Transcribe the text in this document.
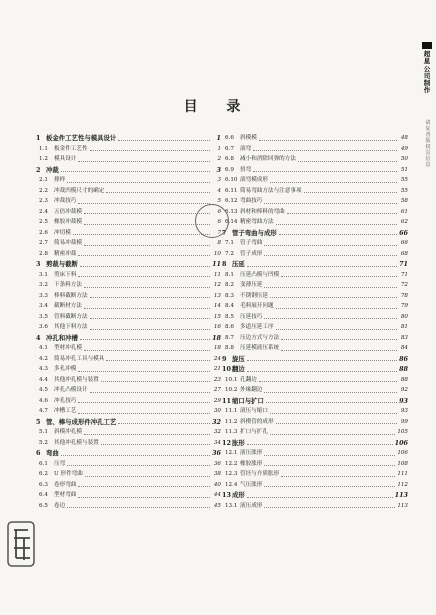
目 录
1 板金件工艺性与模具设计	1
1.1	板金件工艺性	1
1.2	模具设计	2
2 冲裁	3
2.1	排样	3
2.2	冲裁凹模尺寸的确定	4
2.3	冲裁技巧	5
2.4	五倍冲裁模	6
2.5	橡胶冲裁模	6
2.6	冲切模	7
2.7	简易冲裁模	8
2.8	精密冲裁	10
3 剪裁与截断	11
3.1	剪床下料	11
3.2	下条料方法	12
3.3	棒料截断方法	13
3.4	截断材方法	14
3.5	管料截断方法	15
3.6	其他下料方法	16
4 冲孔和冲槽	18
4.1	型材冲孔模	18
4.2	简易冲孔工具与模具	24
4.3	多孔冲模	21
4.4	其他冲孔模与装置	23
4.5	冲孔凸模设计	27
4.6	冲孔技巧	29
4.7	冲槽工艺	30
5 管、棒与成形件冲孔工艺	32
5.1	斜模冲孔模	32
5.2	其他冲孔模与装置	34
6 弯曲	36
6.1	压弯	36
6.2	U 形件弯曲	38
6.3	卷形弯曲	40
6.4	型材弯曲	44
6.5	卷边	45
6.6	斜模模	48
6.7	滚弯	49
6.8	减小和消除回弹的方法	50
6.9	扭弯	51
6.10 滚弯模成形	55
6.11 简易弯曲方法与注意事项	55
6.12 弯曲技巧	58
6.13 斜材和棒料的弯曲	61
6.14 精密弯曲方法	62
7 管子弯曲与成形	66
7.1	管子弯曲	66
7.2	管子成形	68
8 压延	71
8.1	压延凸模与凹模	71
8.2	变薄压延	72
8.3	不锈钢压延	78
8.4	毛料展开问题	79
8.5	压延技巧	80
8.6	多道压延工序	81
8.7	压边方式与方法	83
8.8	压延模液压系统	84
9 旋压	86
10 翻边	88
10.1 孔翻边	88
10.2 外缘翻边	92
11 缩口与扩口	93
11.1 滚压与缩口	93
11.2 斜楔管的成形	99
11.3 扩口与扩孔	105
12 胀形	106
12.1 液压胀形	106
12.2 橡胶胀形	108
12.3 管坯与介质胀形	111
12.4 气压胀形	112
13 成形	113
13.1 液压成形	113
超
星
公
司
制
作
请
复
查
版
权
页
信
息
